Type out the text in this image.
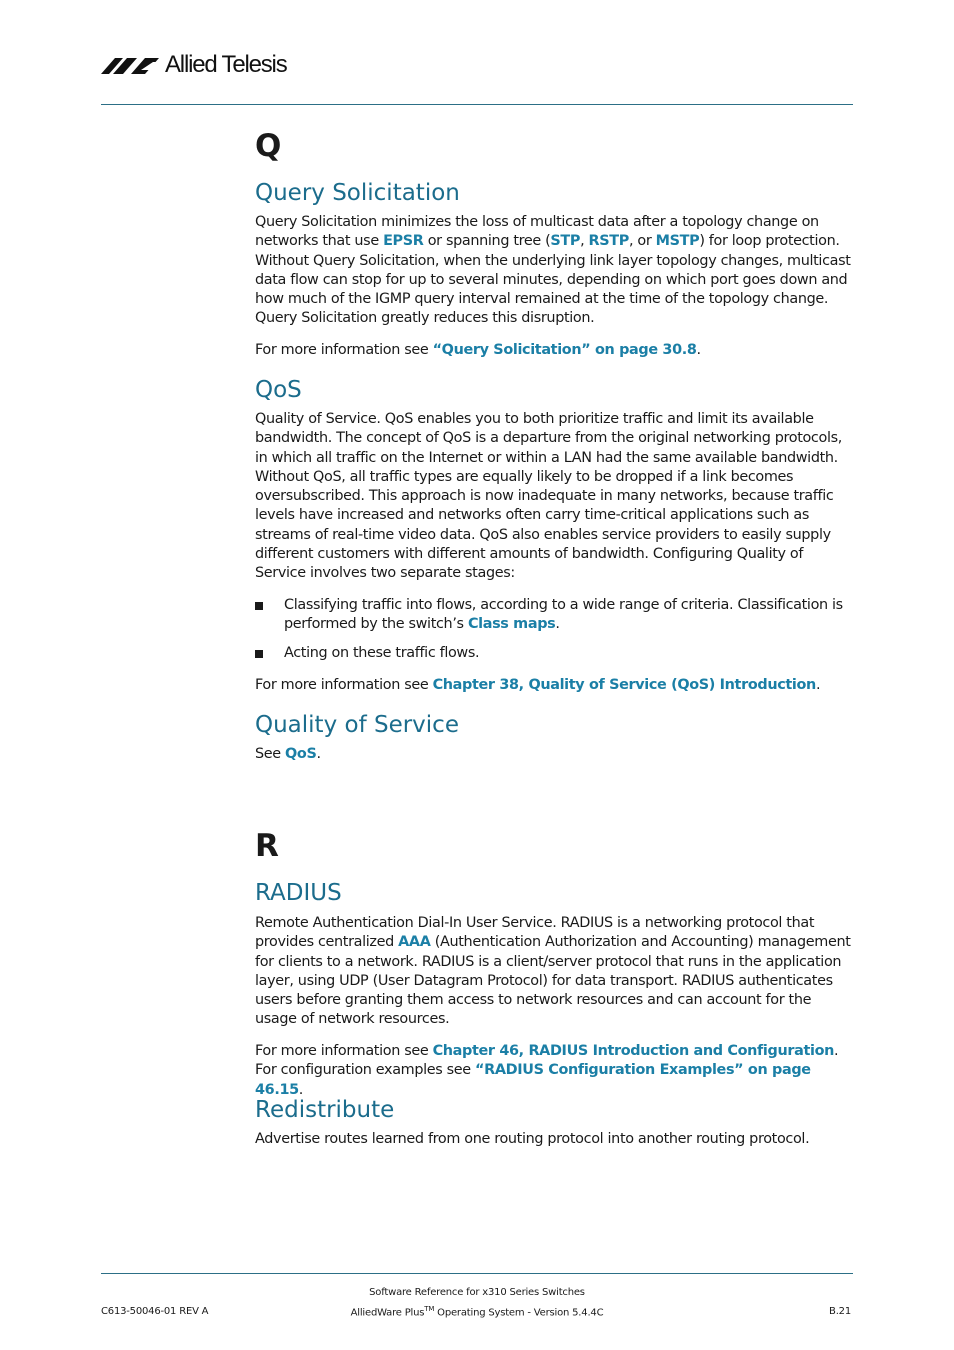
Allied Telesis
Q
Query Solicitation

Query Solicitation minimizes the loss of multicast data after a topology change on networks that use EPSR or spanning tree (STP, RSTP, or MSTP) for loop protection. Without Query Solicitation, when the underlying link layer topology changes, multicast data flow can stop for up to several minutes, depending on which port goes down and how much of the IGMP query interval remained at the time of the topology change. Query Solicitation greatly reduces this disruption.

For more information see “Query Solicitation” on page 30.8.

QoS

Quality of Service. QoS enables you to both prioritize traffic and limit its available bandwidth. The concept of QoS is a departure from the original networking protocols, in which all traffic on the Internet or within a LAN had the same available bandwidth. Without QoS, all traffic types are equally likely to be dropped if a link becomes oversubscribed. This approach is now inadequate in many networks, because traffic levels have increased and networks often carry time-critical applications such as streams of real-time video data. QoS also enables service providers to easily supply different customers with different amounts of bandwidth. Configuring Quality of Service involves two separate stages:

Classifying traffic into flows, according to a wide range of criteria. Classification is performed by the switch’s Class maps.
Acting on these traffic flows.

For more information see Chapter 38, Quality of Service (QoS) Introduction.

Quality of Service

See QoS.

R
RADIUS

Remote Authentication Dial-In User Service. RADIUS is a networking protocol that provides centralized AAA (Authentication Authorization and Accounting) management for clients to a network. RADIUS is a client/server protocol that runs in the application layer, using UDP (User Datagram Protocol) for data transport. RADIUS authenticates users before granting them access to network resources and can account for the usage of network resources.

For more information see Chapter 46, RADIUS Introduction and Configuration. For configuration examples see “RADIUS Configuration Examples” on page 46.15.

Redistribute

Advertise routes learned from one routing protocol into another routing protocol.

C613-50046-01 REV A
Software Reference for x310 Series Switches
AlliedWare Plus™ Operating System - Version 5.4.4C	B.21
